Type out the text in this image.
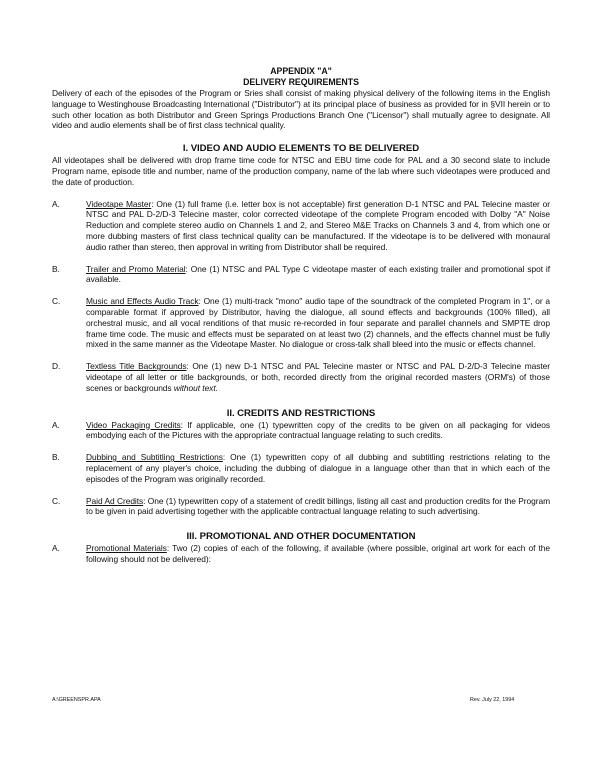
APPENDIX "A"
DELIVERY REQUIREMENTS
Delivery of each of the episodes of the Program or Sries shall consist of making physical delivery of the following items in the English language to Westinghouse Broadcasting International ("Distributor") at its principal place of business as provided for in §VII herein or to such other location as both Distributor and Green Springs Productions Branch One ("Licensor") shall mutually agree to designate. All video and audio elements shall be of first class technical quality.
I. VIDEO AND AUDIO ELEMENTS TO BE DELIVERED
All videotapes shall be delivered with drop frame time code for NTSC and EBU time code for PAL and a 30 second slate to include Program name, episode title and number, name of the production company, name of the lab where such videotapes were produced and the date of production.
A.	Videotape Master: One (1) full frame (i.e. letter box is not acceptable) first generation D-1 NTSC and PAL Telecine master or NTSC and PAL D-2/D-3 Telecine master, color corrected videotape of the complete Program encoded with Dolby "A" Noise Reduction and complete stereo audio on Channels 1 and 2, and Stereo M&E Tracks on Channels 3 and 4, from which one or more dubbing masters of first class technical quality can be manufactured. If the videotape is to be delivered with monaural audio rather than stereo, then approval in writing from Distributor shall be required.
B.	Trailer and Promo Material: One (1) NTSC and PAL Type C videotape master of each existing trailer and promotional spot if available.
C.	Music and Effects Audio Track: One (1) multi-track "mono" audio tape of the soundtrack of the completed Program in 1", or a comparable format if approved by Distributor, having the dialogue, all sound effects and backgrounds (100% filled), all orchestral music, and all vocal renditions of that music re-recorded in four separate and parallel channels and SMPTE drop frame time code. The music and effects must be separated on at least two (2) channels, and the effects channel must be fully mixed in the same manner as the Videotape Master. No dialogue or cross-talk shall bleed into the music or effects channel.
D.	Textless Title Backgrounds: One (1) new D-1 NTSC and PAL Telecine master or NTSC and PAL D-2/D-3 Telecine master videotape of all letter or title backgrounds, or both, recorded directly from the original recorded masters (ORM's) of those scenes or backgrounds without text.
II. CREDITS AND RESTRICTIONS
A.	Video Packaging Credits: If applicable, one (1) typewritten copy of the credits to be given on all packaging for videos embodying each of the Pictures with the appropriate contractual language relating to such credits.
B.	Dubbing and Subtitling Restrictions: One (1) typewritten copy of all dubbing and subtitling restrictions relating to the replacement of any player's choice, including the dubbing of dialogue in a language other than that in which each of the episodes of the Program was originally recorded.
C.	Paid Ad Credits: One (1) typewritten copy of a statement of credit billings, listing all cast and production credits for the Program to be given in paid advertising together with the applicable contractual language relating to such advertising.
III. PROMOTIONAL AND OTHER DOCUMENTATION
A.	Promotional Materials: Two (2) copies of each of the following, if available (where possible, original art work for each of the following should not be delivered):
A:\GREENSPR.APA	Rev. July 22, 1994
